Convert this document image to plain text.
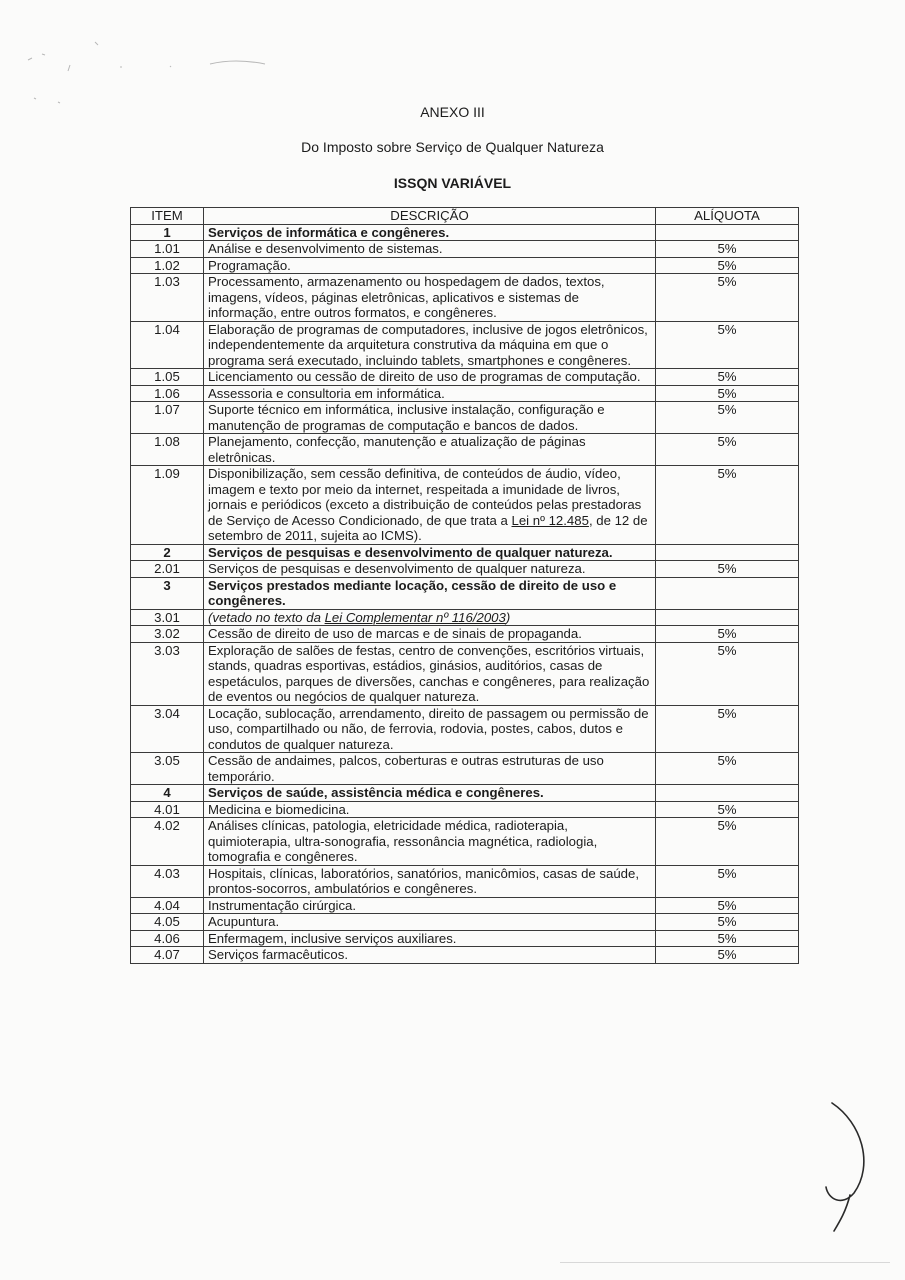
ANEXO III
Do Imposto sobre Serviço de Qualquer Natureza
ISSQN VARIÁVEL
ITEM	DESCRIÇÃO	ALÍQUOTA
1	Serviços de informática e congêneres.	
1.01	Análise e desenvolvimento de sistemas.	5%
1.02	Programação.	5%
1.03	Processamento, armazenamento ou hospedagem de dados, textos, imagens, vídeos, páginas eletrônicas, aplicativos e sistemas de informação, entre outros formatos, e congêneres.	5%
1.04	Elaboração de programas de computadores, inclusive de jogos eletrônicos, independentemente da arquitetura construtiva da máquina em que o programa será executado, incluindo tablets, smartphones e congêneres.	5%
1.05	Licenciamento ou cessão de direito de uso de programas de computação.	5%
1.06	Assessoria e consultoria em informática.	5%
1.07	Suporte técnico em informática, inclusive instalação, configuração e manutenção de programas de computação e bancos de dados.	5%
1.08	Planejamento, confecção, manutenção e atualização de páginas eletrônicas.	5%
1.09	Disponibilização, sem cessão definitiva, de conteúdos de áudio, vídeo, imagem e texto por meio da internet, respeitada a imunidade de livros, jornais e periódicos (exceto a distribuição de conteúdos pelas prestadoras de Serviço de Acesso Condicionado, de que trata a Lei nº 12.485, de 12 de setembro de 2011, sujeita ao ICMS).	5%
2	Serviços de pesquisas e desenvolvimento de qualquer natureza.	
2.01	Serviços de pesquisas e desenvolvimento de qualquer natureza.	5%
3	Serviços prestados mediante locação, cessão de direito de uso e congêneres.	
3.01	(vetado no texto da Lei Complementar nº 116/2003)	
3.02	Cessão de direito de uso de marcas e de sinais de propaganda.	5%
3.03	Exploração de salões de festas, centro de convenções, escritórios virtuais, stands, quadras esportivas, estádios, ginásios, auditórios, casas de espetáculos, parques de diversões, canchas e congêneres, para realização de eventos ou negócios de qualquer natureza.	5%
3.04	Locação, sublocação, arrendamento, direito de passagem ou permissão de uso, compartilhado ou não, de ferrovia, rodovia, postes, cabos, dutos e condutos de qualquer natureza.	5%
3.05	Cessão de andaimes, palcos, coberturas e outras estruturas de uso temporário.	5%
4	Serviços de saúde, assistência médica e congêneres.	
4.01	Medicina e biomedicina.	5%
4.02	Análises clínicas, patologia, eletricidade médica, radioterapia, quimioterapia, ultra-sonografia, ressonância magnética, radiologia, tomografia e congêneres.	5%
4.03	Hospitais, clínicas, laboratórios, sanatórios, manicômios, casas de saúde, prontos-socorros, ambulatórios e congêneres.	5%
4.04	Instrumentação cirúrgica.	5%
4.05	Acupuntura.	5%
4.06	Enfermagem, inclusive serviços auxiliares.	5%
4.07	Serviços farmacêuticos.	5%
